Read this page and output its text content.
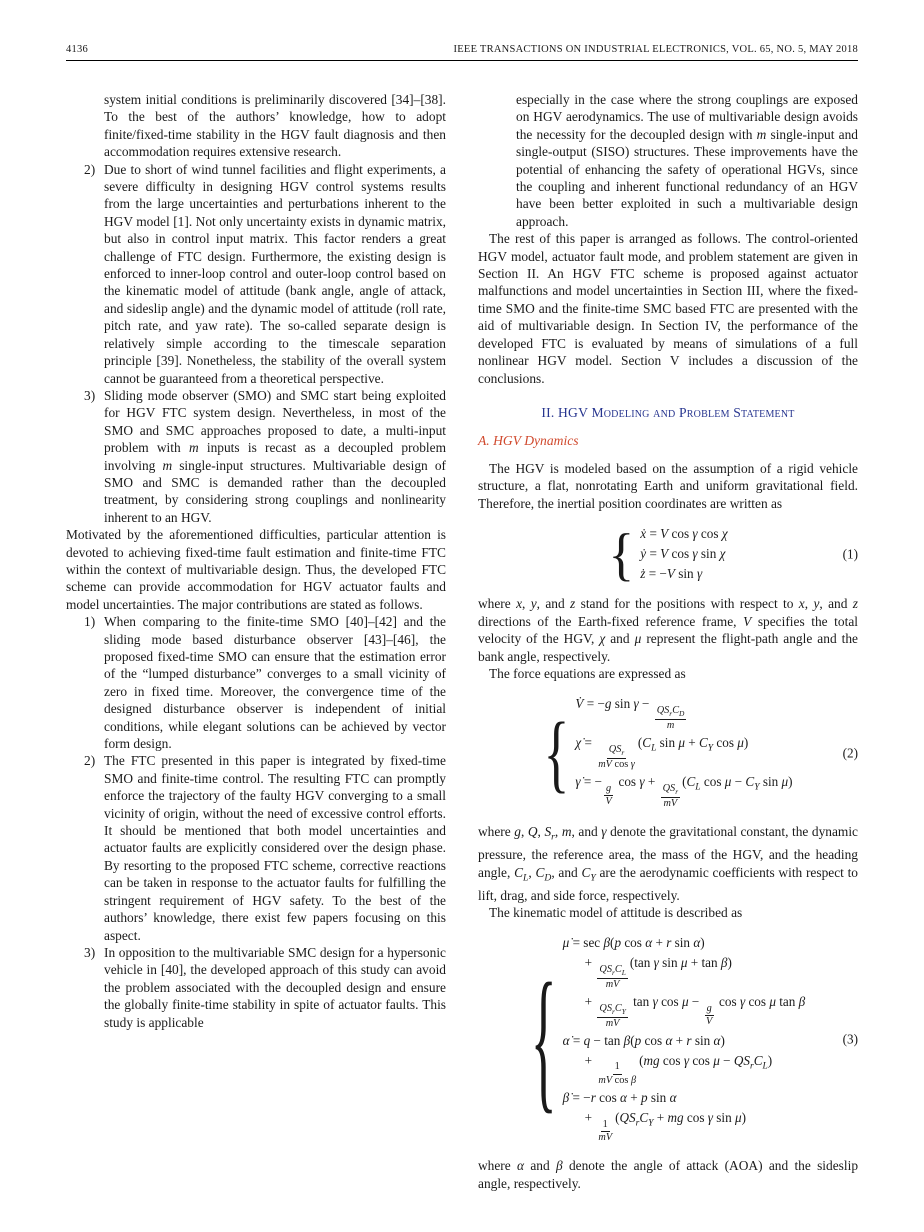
4136	IEEE TRANSACTIONS ON INDUSTRIAL ELECTRONICS, VOL. 65, NO. 5, MAY 2018

system initial conditions is preliminarily discovered [34]–[38]. To the best of the authors’ knowledge, how to adopt finite/fixed-time stability in the HGV fault diagnosis and then accommodation requires extensive research.

2) Due to short of wind tunnel facilities and flight experiments, a severe difficulty in designing HGV control systems results from the large uncertainties and perturbations inherent to the HGV model [1]. Not only uncertainty exists in dynamic matrix, but also in control input matrix. This factor renders a great challenge of FTC design. Furthermore, the existing design is enforced to inner-loop control and outer-loop control based on the kinematic model of attitude (bank angle, angle of attack, and sideslip angle) and the dynamic model of attitude (roll rate, pitch rate, and yaw rate). The so-called separate design is relatively simple according to the timescale separation principle [39]. Nonetheless, the stability of the overall system cannot be guaranteed from a theoretical perspective.
3) Sliding mode observer (SMO) and SMC start being exploited for HGV FTC system design. Nevertheless, in most of the SMO and SMC approaches proposed to date, a multi-input problem with m inputs is recast as a decoupled problem involving m single-input structures. Multivariable design of SMO and SMC is demanded rather than the decoupled treatment, by considering strong couplings and nonlinearity inherent to an HGV.

Motivated by the aforementioned difficulties, particular attention is devoted to achieving fixed-time fault estimation and finite-time FTC within the context of multivariable design. Thus, the developed FTC scheme can provide accommodation for HGV actuator faults and model uncertainties. The major contributions are stated as follows.

1) When comparing to the finite-time SMO [40]–[42] and the sliding mode based disturbance observer [43]–[46], the proposed fixed-time SMO can ensure that the estimation error of the “lumped disturbance” converges to a small vicinity of zero in fixed time. Moreover, the convergence time of the designed disturbance observer is independent of initial conditions, while elegant solutions can be achieved by vector form design.
2) The FTC presented in this paper is integrated by fixed-time SMO and finite-time control. The resulting FTC can promptly enforce the trajectory of the faulty HGV converging to a small vicinity of origin, without the need of excessive control efforts. It should be mentioned that both model uncertainties and actuator faults are explicitly considered over the design phase. By resorting to the proposed FTC scheme, corrective reactions can be taken in response to the actuator faults for fulfilling the stringent requirement of HGV safety. To the best of the authors’ knowledge, there exist few papers focusing on this aspect.
3) In opposition to the multivariable SMC design for a hypersonic vehicle in [40], the developed approach of this study can avoid the problem associated with the decoupled design and ensure the globally finite-time stability in spite of actuator faults. This study is applicable

especially in the case where the strong couplings are exposed on HGV aerodynamics. The use of multivariable design avoids the necessity for the decoupled design with m single-input and single-output (SISO) structures. These improvements have the potential of enhancing the safety of operational HGVs, since the coupling and inherent functional redundancy of an HGV have been better exploited in such a multivariable design approach.

The rest of this paper is arranged as follows. The control-oriented HGV model, actuator fault mode, and problem statement are given in Section II. An HGV FTC scheme is proposed against actuator malfunctions and model uncertainties in Section III, where the fixed-time SMO and the finite-time SMC based FTC are presented with the aid of multivariable design. In Section IV, the performance of the developed FTC is evaluated by means of simulations of a full nonlinear HGV model. Section V includes a discussion of the conclusions.

II. HGV Modeling and Problem Statement
A. HGV Dynamics

The HGV is modeled based on the assumption of a rigid vehicle structure, a flat, nonrotating Earth and uniform gravitational field. Therefore, the inertial position coordinates are written as

{ ẋ = V cos γ cos χ
ẏ = V cos γ sin χ
ż = −V sin γ
(1)

where x, y, and z stand for the positions with respect to x, y, and z directions of the Earth-fixed reference frame, V specifies the total velocity of the HGV, χ and μ represent the flight-path angle and the bank angle, respectively.

The force equations are expressed as

{
V̇ = −g sin γ −
$\frac{QS_rC_D}{m}$
χ̇ =
$\frac{QS_r}{\text{mV cos γ}}$
($C_L$ $\sin \mu + C_Y$ cos μ)
γ̇ = −
$\frac{g}{V}$
cos γ +
$\frac{QS_r}{mV}$
($C_L$ $\cos \mu - C_Y$ sin μ)
(2)

where g, Q, $S_r$, m, and γ denote the gravitational constant, the dynamic pressure, the reference area, the mass of the HGV, and the heading angle, $C_L$, $C_D$, and $C_Y$ are the aerodynamic coefficients with respect to lift, drag, and side force, respectively.

The kinematic model of attitude is described as

{
μ̇ = sec β(p cos α + r sin α)
+
$\frac{QS_rC_L}{mV}$
(tan γ sin μ + tan β)
+
$\frac{QS_rC_Y}{mV}$
tan γ cos μ −
$\frac{g}{V}$
cos γ cos μ tan β
α̇ = q − tan β(p cos α + r sin α)
+
$\frac{1}{\text{mV cos β}}$
(mg cos γ $\cos \mu - QS_rC_L$)
β̇ = −r cos α + p sin α
+
$\frac{1}{mV}$
($QS_rC_Y$ + mg cos γ sin μ)
(3)

where α and β denote the angle of attack (AOA) and the sideslip angle, respectively.
